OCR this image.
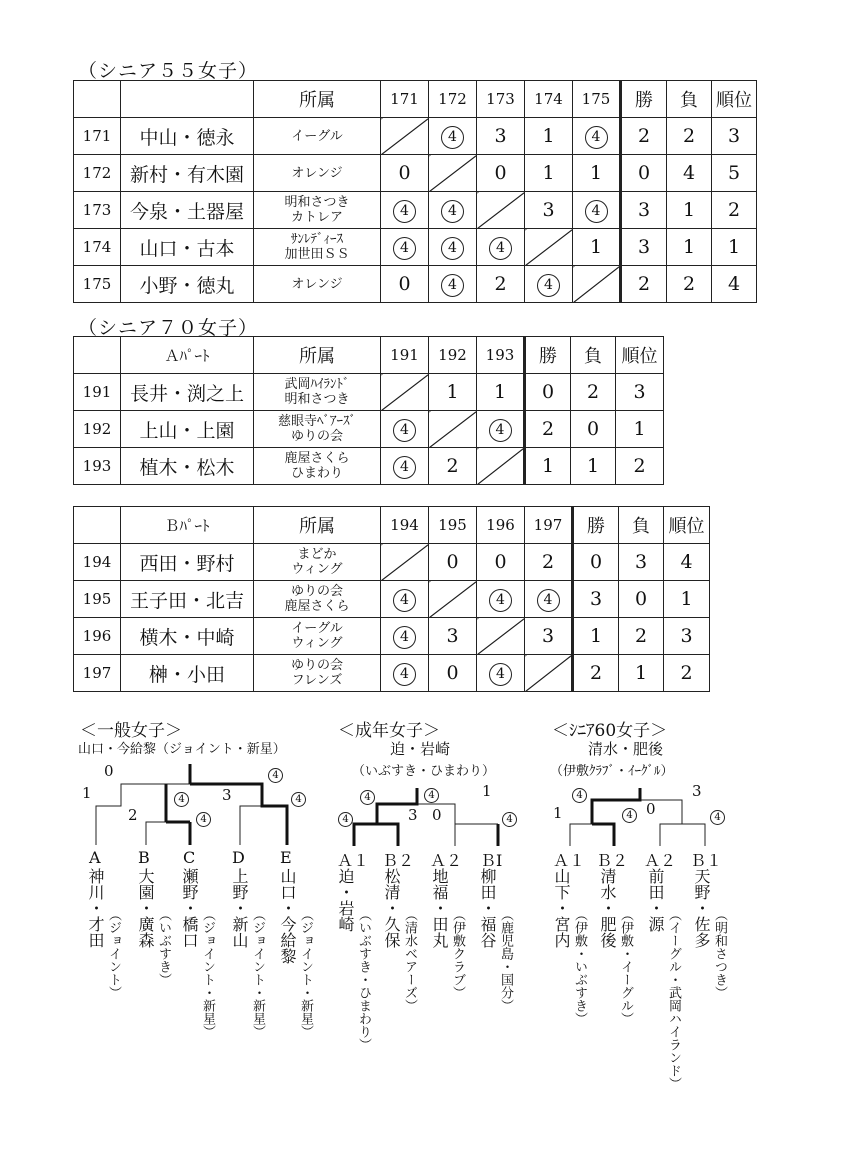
（シニア５５女子）
		所属	171	172	173	174	175	勝	負	順位
171	中山・徳永	イーグル		4	3	1	4	2	2	3
172	新村・有木園	オレンジ	0		0	1	1	0	4	5
173	今泉・土器屋	明和さつき
カトレア	4	4		3	4	3	1	2
174	山口・古本	ｻﾝﾚﾃﾞｨｰｽ
加世田ＳＳ	4	4	4		1	3	1	1
175	小野・徳丸	オレンジ	0	4	2	4		2	2	4
（シニア７０女子）
	Ａﾊﾟｰﾄ	所属	191	192	193	勝	負	順位
191	長井・渕之上	武岡ﾊｲﾗﾝﾄﾞ
明和さつき		1	1	0	2	3
192	上山・上園	慈眼寺ﾍﾞｱｰｽﾞ
ゆりの会	4		4	2	0	1
193	植木・松木	鹿屋さくら
ひまわり	4	2		1	1	2
	Ｂﾊﾟｰﾄ	所属	194	195	196	197	勝	負	順位
194	西田・野村	まどか
ウィング		0	0	2	0	3	4
195	王子田・北吉	ゆりの会
鹿屋さくら	4		4	4	3	0	1
196	横木・中崎	イーグル
ウィング	4	3		3	1	2	3
197	榊・小田	ゆりの会
フレンズ	4	0	4		2	1	2
＜一般女子＞
山口・今給黎（ジョイント・新星）
0
1	4
4
2	4
3	4
A B C D E
神川・才田 （ジョイント） 大園・廣森 （いぶすき） 瀬野・橋口 （ジョイント・新星） 上野・新山 （ジョイント・新星） 山口・今給黎 （ジョイント・新星）
＜成年女子＞
迫・岩崎
（いぶすき・ひまわり）
4
4
3 0
4	1
4
Ａ１ Ｂ２ Ａ２ ＢⅠ
迫・岩崎
（いぶすき・ひまわり） 松清・久保 （清水ベアーズ） 地福・田丸 （伊敷クラブ） 柳田・福谷 （鹿児島・国分）
＜ｼﾆｱ60女子＞
清水・肥後
（伊敷ｸﾗﾌﾞ・ｲｰｸﾞﾙ）
1
4
4 0
3
4
Ａ１ Ｂ２ Ａ２ Ｂ１
山下・宮内 （伊敷・いぶすき） 清水・肥後 （伊敷・イーグル）
前田・源
（イーグル・武岡ハイランド） 天野・佐多 （明和さつき）
